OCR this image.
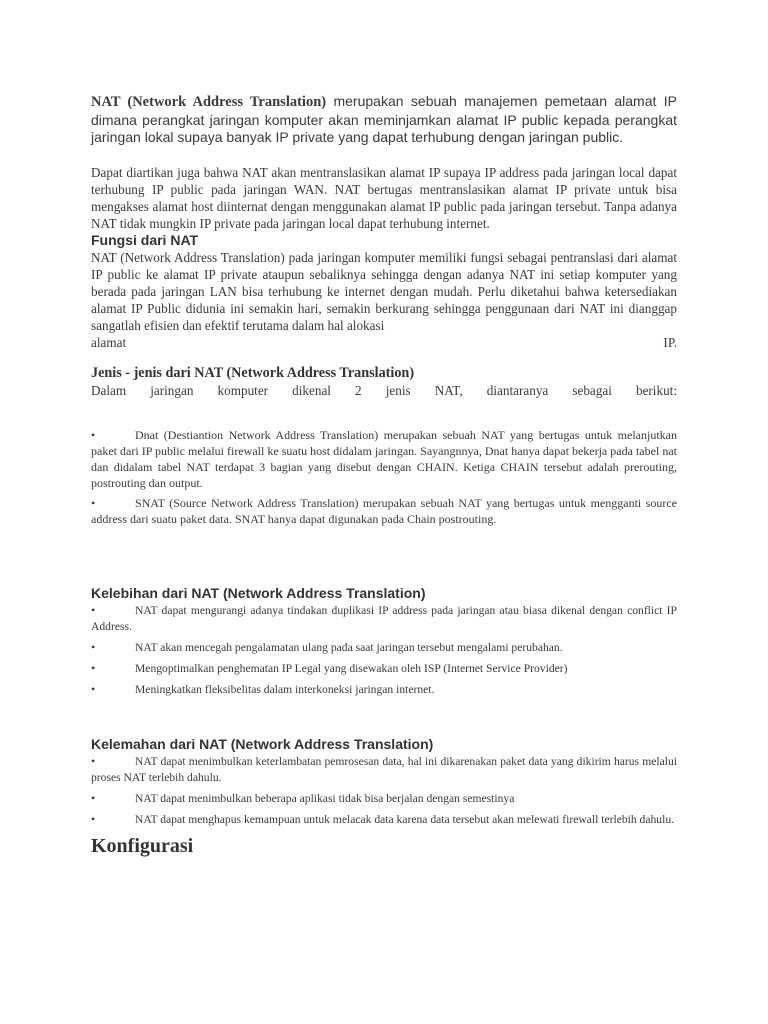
NAT (Network Address Translation) merupakan sebuah manajemen pemetaan alamat IP dimana perangkat jaringan komputer akan meminjamkan alamat IP public kepada perangkat jaringan lokal supaya banyak IP private yang dapat terhubung dengan jaringan public.

Dapat diartikan juga bahwa NAT akan mentranslasikan alamat IP supaya IP address pada jaringan local dapat terhubung IP public pada jaringan WAN. NAT bertugas mentranslasikan alamat IP private untuk bisa mengakses alamat host diinternat dengan menggunakan alamat IP public pada jaringan tersebut. Tanpa adanya NAT tidak mungkin IP private pada jaringan local dapat terhubung internet.

Fungsi dari NAT

NAT (Network Address Translation) pada jaringan komputer memiliki fungsi sebagai pentranslasi dari alamat IP public ke alamat IP private ataupun sebaliknya sehingga dengan adanya NAT ini setiap komputer yang berada pada jaringan LAN bisa terhubung ke internet dengan mudah. Perlu diketahui bahwa ketersediakan alamat IP Public didunia ini semakin hari, semakin berkurang sehingga penggunaan dari NAT ini dianggap sangatlah efisien dan efektif terutama dalam hal alokasi

alamat IP.

Jenis - jenis dari NAT (Network Address Translation)

Dalam jaringan komputer dikenal 2 jenis NAT, diantaranya sebagai berikut:

•	Dnat (Destiantion Network Address Translation) merupakan sebuah NAT yang bertugas untuk melanjutkan paket dari IP public melalui firewall ke suatu host didalam jaringan. Sayangnnya, Dnat hanya dapat bekerja pada tabel nat dan didalam tabel NAT terdapat 3 bagian yang disebut dengan CHAIN. Ketiga CHAIN tersebut adalah prerouting, postrouting dan output.
•	SNAT (Source Network Address Translation) merupakan sebuah NAT yang bertugas untuk mengganti source address dari suatu paket data. SNAT hanya dapat digunakan pada Chain postrouting.
Kelebihan dari NAT (Network Address Translation)
•	NAT dapat mengurangi adanya tindakan duplikasi IP address pada jaringan atau biasa dikenal dengan conflict IP Address.
•	NAT akan mencegah pengalamatan ulang pada saat jaringan tersebut mengalami perubahan.
•	Mengoptimalkan penghematan IP Legal yang disewakan oleh ISP (Internet Service Provider)
•	Meningkatkan fleksibelitas dalam interkoneksi jaringan internet.
Kelemahan dari NAT (Network Address Translation)
•	NAT dapat menimbulkan keterlambatan pemrosesan data, hal ini dikarenakan paket data yang dikirim harus melalui proses NAT terlebih dahulu.
•	NAT dapat menimbulkan beberapa aplikasi tidak bisa berjalan dengan semestinya
•	NAT dapat menghapus kemampuan untuk melacak data karena data tersebut akan melewati firewall terlebih dahulu.
Konfigurasi
